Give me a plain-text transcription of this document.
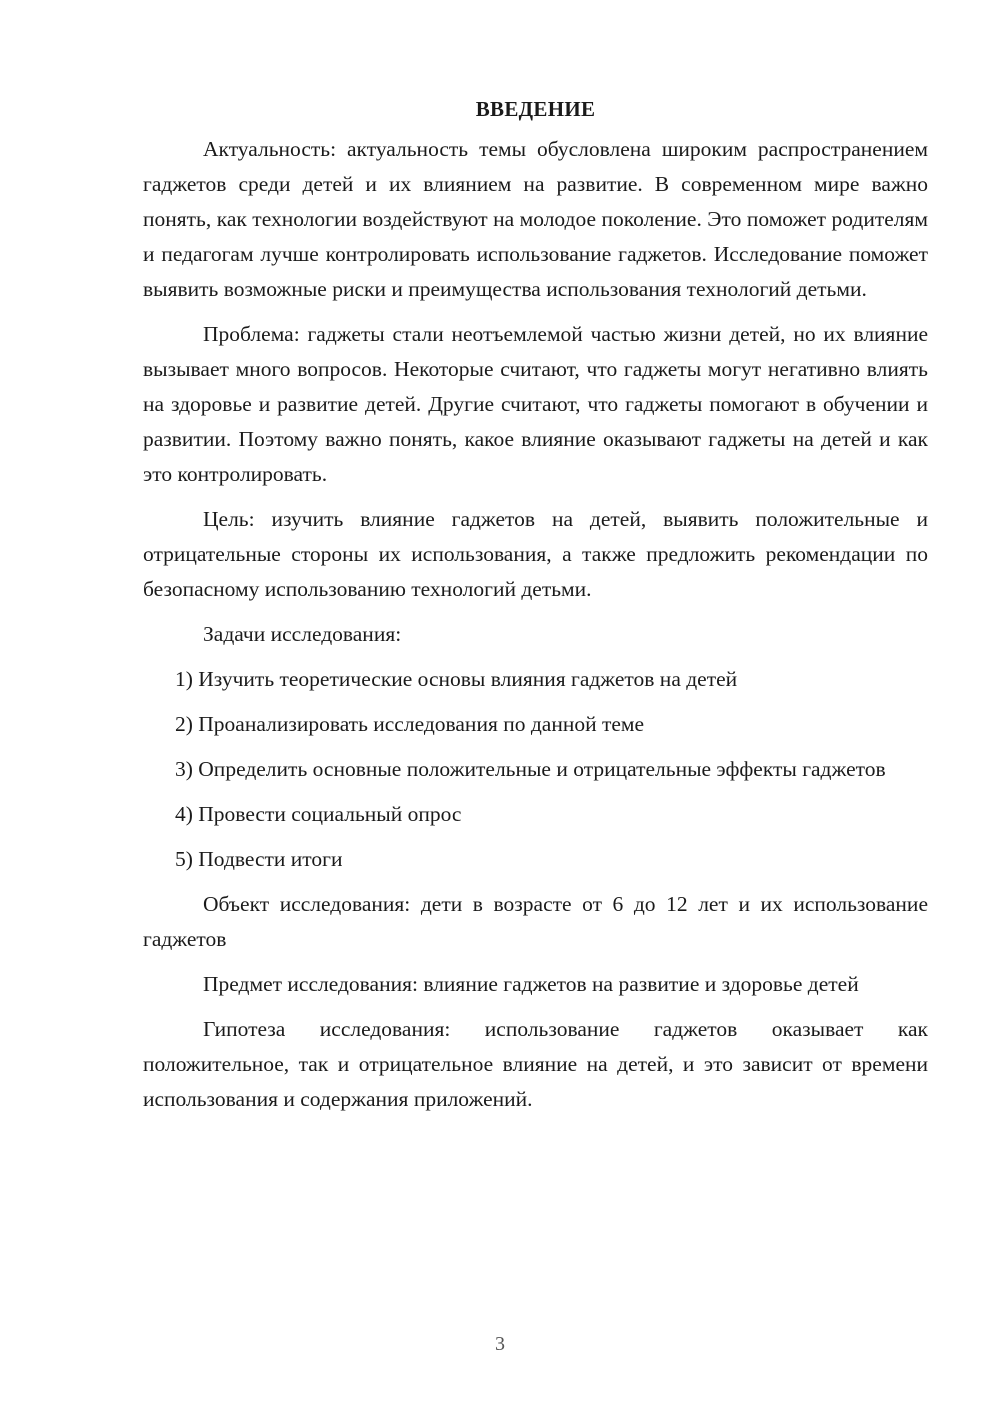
ВВЕДЕНИЕ

Актуальность: актуальность темы обусловлена широким распространением гаджетов среди детей и их влиянием на развитие. В современном мире важно понять, как технологии воздействуют на молодое поколение. Это поможет родителям и педагогам лучше контролировать использование гаджетов. Исследование поможет выявить возможные риски и преимущества использования технологий детьми.

Проблема: гаджеты стали неотъемлемой частью жизни детей, но их влияние вызывает много вопросов. Некоторые считают, что гаджеты могут негативно влиять на здоровье и развитие детей. Другие считают, что гаджеты помогают в обучении и развитии. Поэтому важно понять, какое влияние оказывают гаджеты на детей и как это контролировать.

Цель: изучить влияние гаджетов на детей, выявить положительные и отрицательные стороны их использования, а также предложить рекомендации по безопасному использованию технологий детьми.

Задачи исследования:

1) Изучить теоретические основы влияния гаджетов на детей

2) Проанализировать исследования по данной теме

3) Определить основные положительные и отрицательные эффекты гаджетов

4) Провести социальный опрос

5) Подвести итоги

Объект исследования: дети в возрасте от 6 до 12 лет и их использование гаджетов

Предмет исследования: влияние гаджетов на развитие и здоровье детей

Гипотеза исследования: использование гаджетов оказывает как положительное, так и отрицательное влияние на детей, и это зависит от времени использования и содержания приложений.

3
